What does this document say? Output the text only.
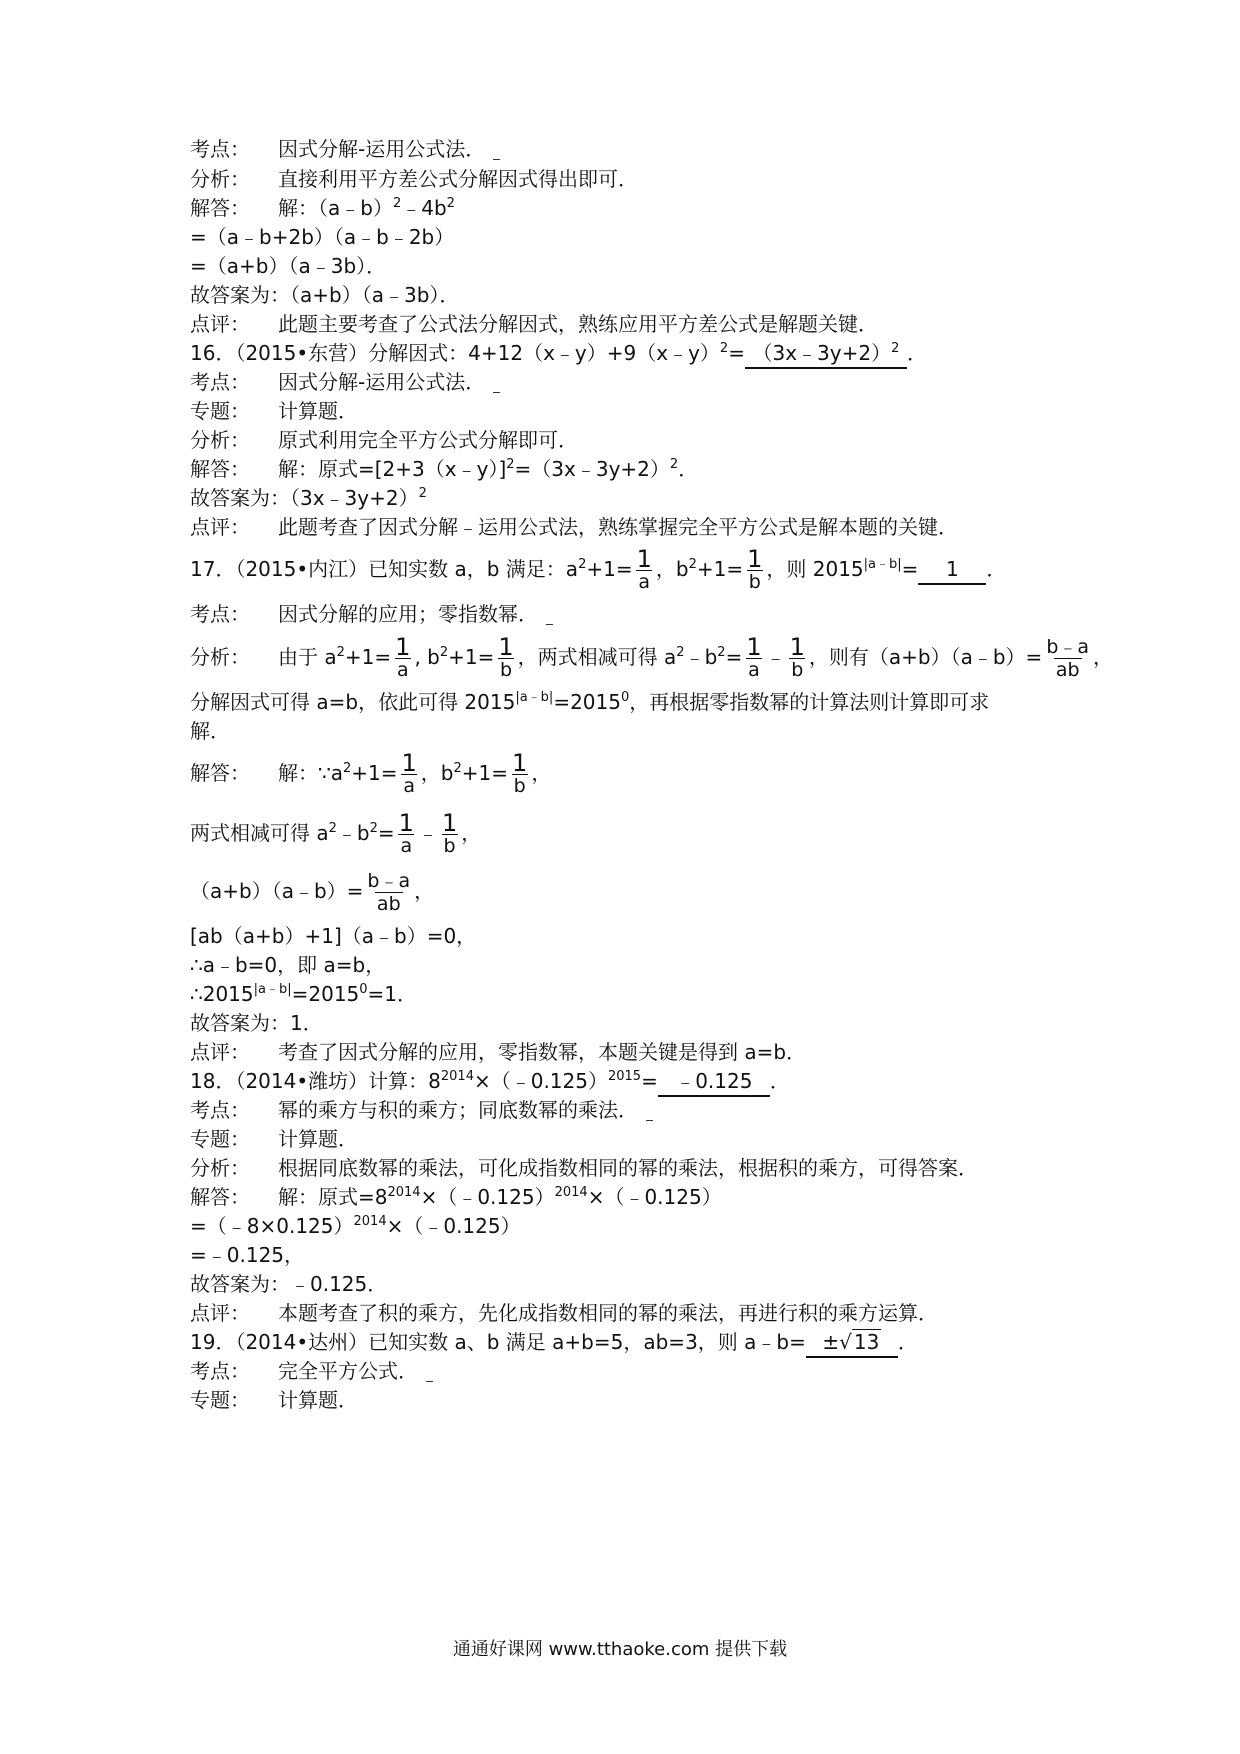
考点： 因式分解-运用公式法．
分析： 直接利用平方差公式分解因式得出即可．
解答： 解：$(a﹣b)^2﹣4b^2$
=（a﹣b+2b）（a﹣b﹣2b）
=（a+b）（a﹣3b）．
故答案为：（a+b）（a﹣3b）．
点评： 此题主要考查了公式法分解因式，熟练应用平方差公式是解题关键．
16．（2015•东营）分解因式：4+12（x﹣y）+9（x﹣y）$^2$= （3x﹣3y+2）$^2$ ．
考点： 因式分解-运用公式法．
专题： 计算题．
分析： 原式利用完全平方公式分解即可．
解答： 解：原式=[2+3（x﹣y）]$^2$=（3x﹣3y+2）$^2$．
故答案为：（3x﹣3y+2）$^2$
点评： 此题考查了因式分解﹣运用公式法，熟练掌握完全平方公式是解本题的关键．
17．（2015•内江）已知实数 a，b 满足：$a^2+1= \frac{1}{a}$ ，$b^2+1= \frac{1}{b}$ ，则 $2015^{|a﹣b|}= 1$ ．
考点： 因式分解的应用；零指数幂．
分析： 由于 $a^2+1= \frac{1}{a}$ , $b^2+1= \frac{1}{b}$ ，两式相减可得 $a^2﹣b^2= \frac{1}{a}$ ﹣ $\frac{1}{b}$ ，则有（a+b）（a﹣b）= $\frac{b﹣a}{ab}$ ，
分解因式可得 a=b，依此可得 $2015^{|a﹣b|}=2015^0$，再根据零指数幂的计算法则计算即可求
解．
解答： 解：$\because a^2+1= \frac{1}{a}$ ，$b^2+1= \frac{1}{b}$ ，
两式相减可得 $a^2﹣b^2= \frac{1}{a}$ ﹣ $\frac{1}{b}$ ，
（a+b）（a﹣b）= $\frac{b﹣a}{ab}$ ，
[ab（a+b）+1]（a﹣b）=0，
∴a﹣b=0，即 a=b，
$\therefore 2015^{|a﹣b|}=2015^0=1$．
故答案为：1．
点评： 考查了因式分解的应用，零指数幂，本题关键是得到 a=b．
18．（2014•潍坊）计算：$8^{2014}\times(﹣0.125)^{2015}=$ ﹣0.125 ．
考点： 幂的乘方与积的乘方；同底数幂的乘法．
专题： 计算题．
分析： 根据同底数幂的乘法，可化成指数相同的幂的乘法，根据积的乘方，可得答案．
解答： 解：原式$=8^{2014}\times(﹣0.125)^{2014}\times(﹣0.125)$
=（﹣8×0.125）$^{2014}$×（﹣0.125）
=﹣0.125，
故答案为：﹣0.125．
点评： 本题考查了积的乘方，先化成指数相同的幂的乘法，再进行积的乘方运算．
19．（2014•达州）已知实数 a、b 满足 a+b=5，ab=3，则 a﹣b= ±√ 13 ．
考点： 完全平方公式．
专题： 计算题．
通通好课网 www.tthaoke.com 提供下载
